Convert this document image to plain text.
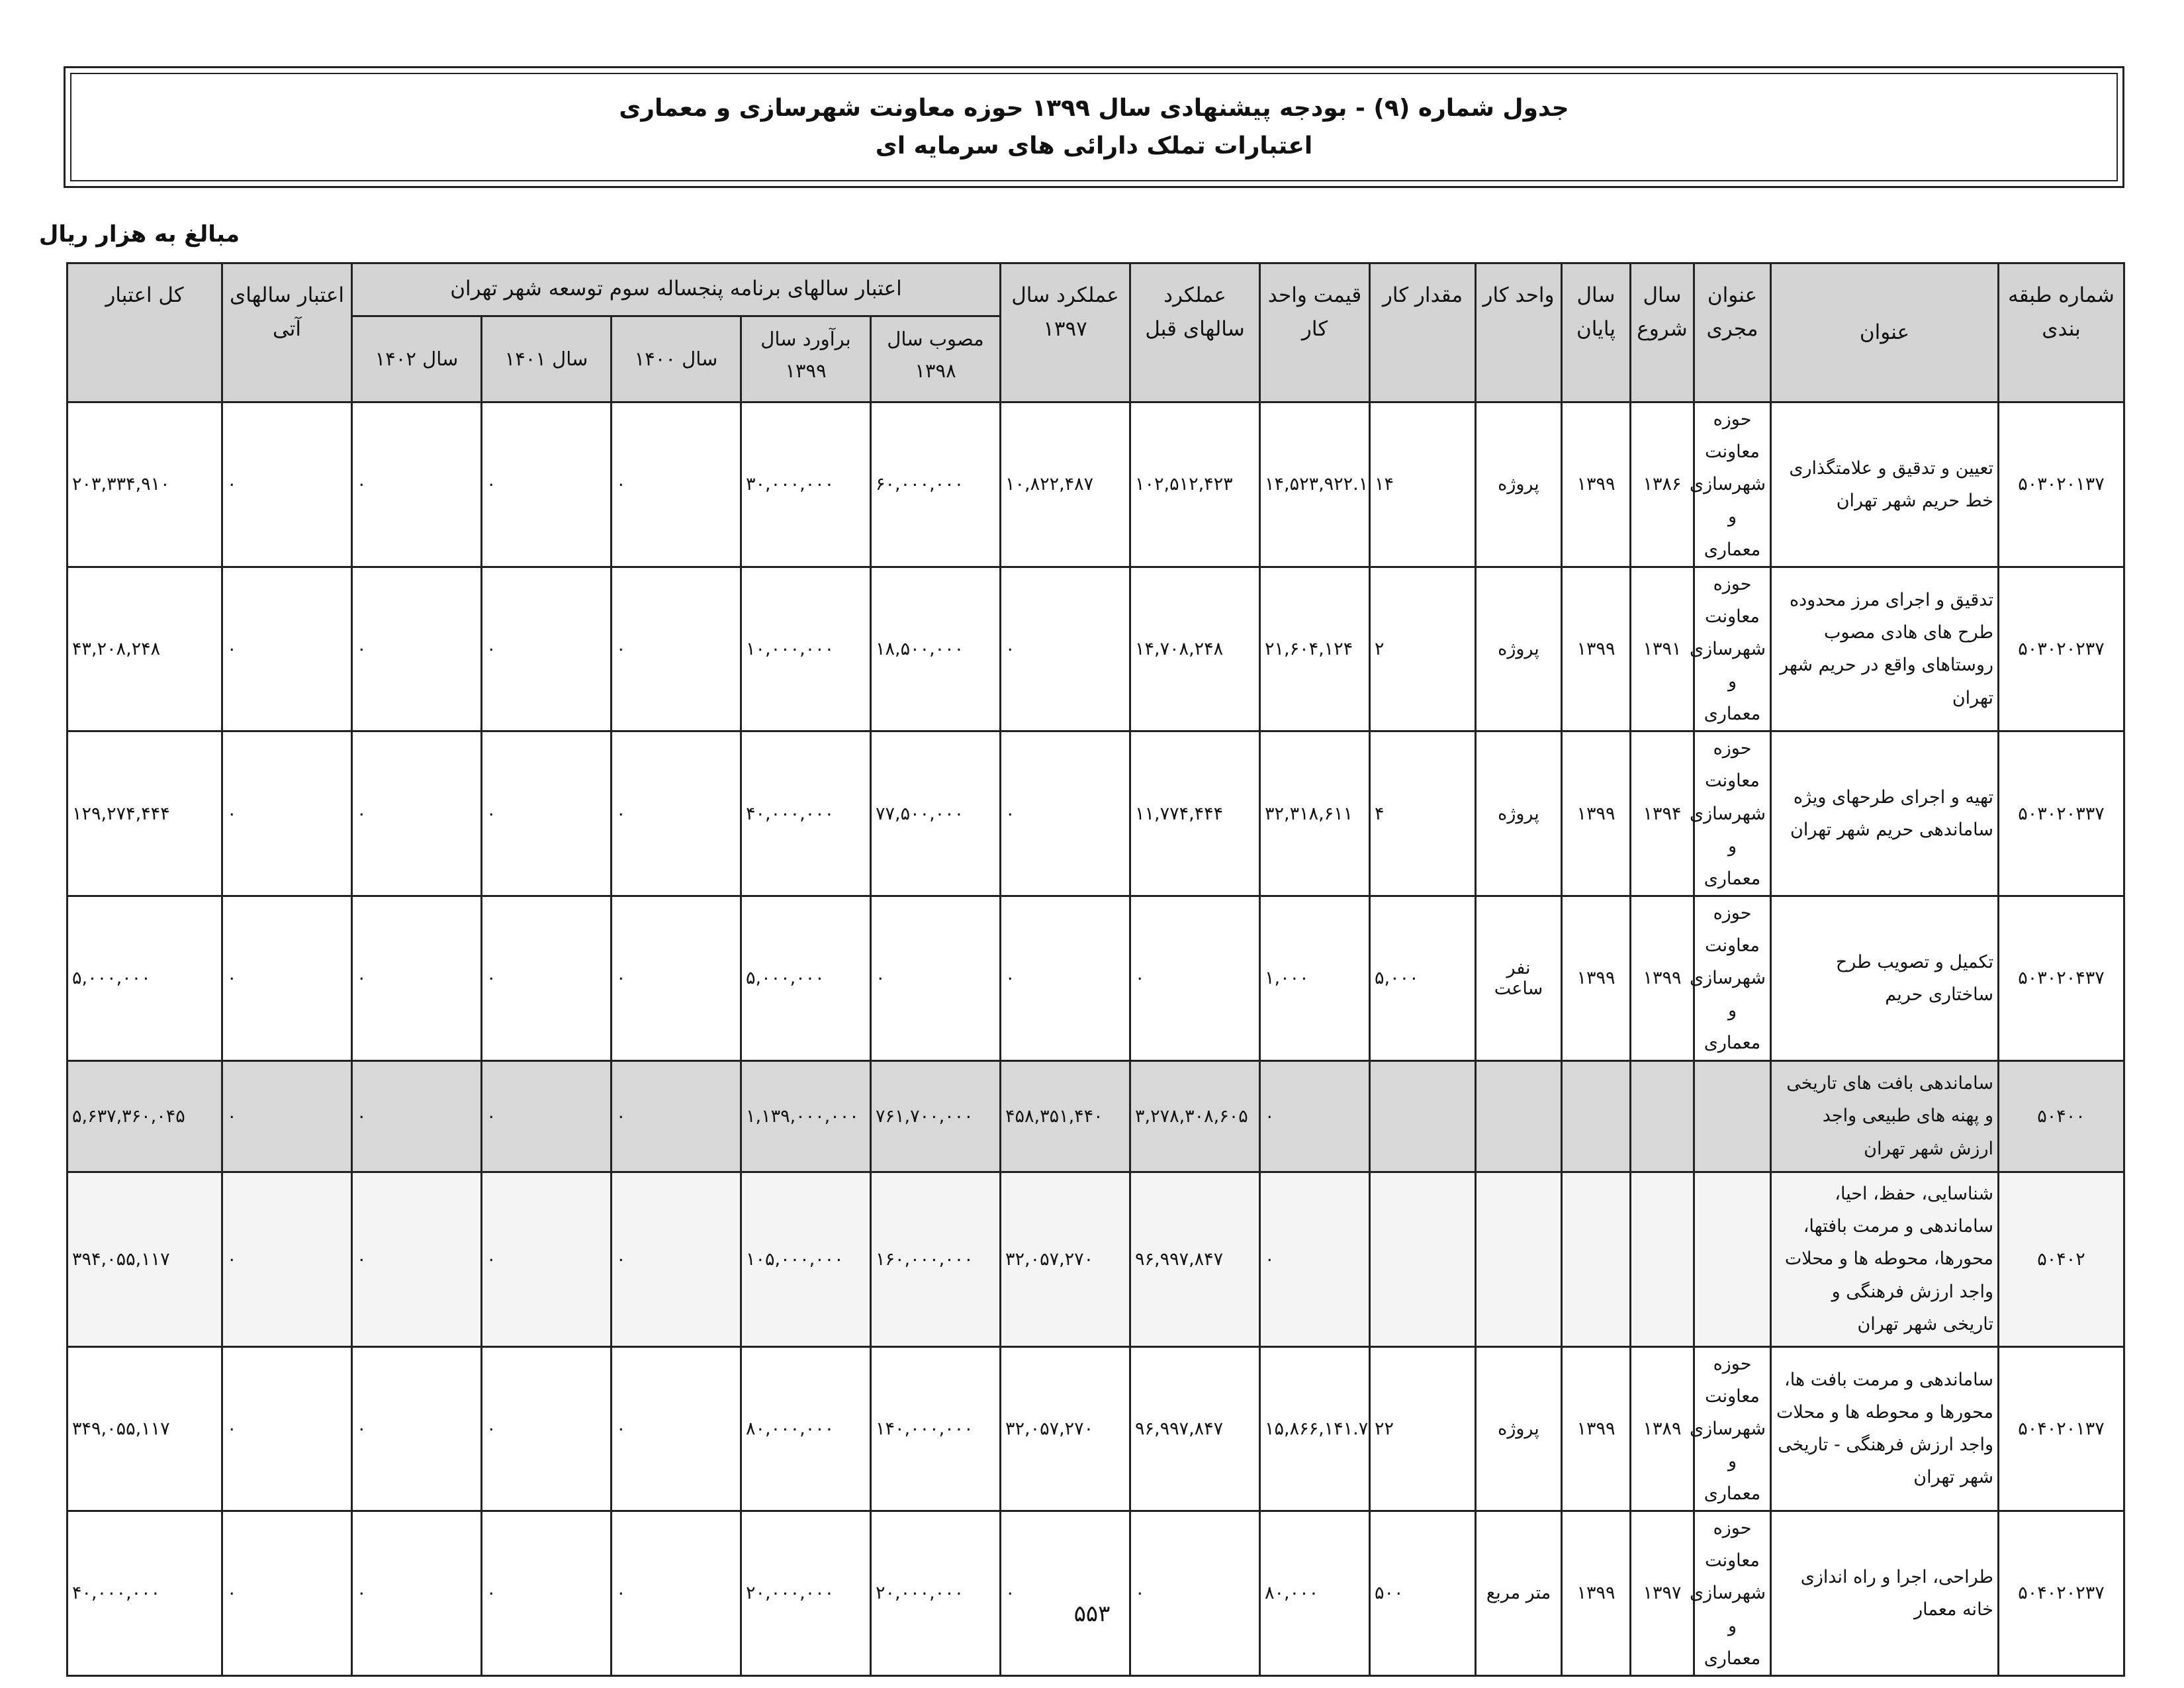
جدول شماره (۹) - بودجه پیشنهادی سال ۱۳۹۹ حوزه معاونت شهرسازی و معماری
اعتبارات تملک دارائی های سرمایه ای
مبالغ به هزار ریال
شماره طبقه بندی	عنوان	عنوان مجری	سال شروع	سال پایان	واحد کار	مقدار کار	قیمت واحد کار	عملکرد سالهای قبل	عملکرد سال ۱۳۹۷	اعتبار سالهای برنامه پنجساله سوم توسعه شهر تهران					اعتبار سالهای آتی	کل اعتبار
										مصوب سال ۱۳۹۸	برآورد سال ۱۳۹۹	سال ۱۴۰۰	سال ۱۴۰۱	سال ۱۴۰۲		
۵۰۳۰۲۰۱۳۷	تعیین و تدقیق و علامتگذاری خط حریم شهر تهران	حوزه معاونت شهرسازی و معماری	۱۳۸۶	۱۳۹۹	پروژه	۱۴	۱۴,۵۲۳,۹۲۲.۱	۱۰۲,۵۱۲,۴۲۳	۱۰,۸۲۲,۴۸۷	۶۰,۰۰۰,۰۰۰	۳۰,۰۰۰,۰۰۰	۰	۰	۰	۰	۲۰۳,۳۳۴,۹۱۰
۵۰۳۰۲۰۲۳۷	تدقیق و اجرای مرز محدوده طرح های هادی مصوب روستاهای واقع در حریم شهر تهران	حوزه معاونت شهرسازی و معماری	۱۳۹۱	۱۳۹۹	پروژه	۲	۲۱,۶۰۴,۱۲۴	۱۴,۷۰۸,۲۴۸	۰	۱۸,۵۰۰,۰۰۰	۱۰,۰۰۰,۰۰۰	۰	۰	۰	۰	۴۳,۲۰۸,۲۴۸
۵۰۳۰۲۰۳۳۷	تهیه و اجرای طرحهای ویژه ساماندهی حریم شهر تهران	حوزه معاونت شهرسازی و معماری	۱۳۹۴	۱۳۹۹	پروژه	۴	۳۲,۳۱۸,۶۱۱	۱۱,۷۷۴,۴۴۴	۰	۷۷,۵۰۰,۰۰۰	۴۰,۰۰۰,۰۰۰	۰	۰	۰	۰	۱۲۹,۲۷۴,۴۴۴
۵۰۳۰۲۰۴۳۷	تکمیل و تصویب طرح ساختاری حریم	حوزه معاونت شهرسازی و معماری	۱۳۹۹	۱۳۹۹	نفر ساعت	۵,۰۰۰	۱,۰۰۰	۰	۰	۰	۵,۰۰۰,۰۰۰	۰	۰	۰	۰	۵,۰۰۰,۰۰۰
۵۰۴۰۰	ساماندهی بافت های تاریخی و پهنه های طبیعی واجد ارزش شهر تهران						۰	۳,۲۷۸,۳۰۸,۶۰۵	۴۵۸,۳۵۱,۴۴۰	۷۶۱,۷۰۰,۰۰۰	۱,۱۳۹,۰۰۰,۰۰۰	۰	۰	۰	۰	۵,۶۳۷,۳۶۰,۰۴۵
۵۰۴۰۲	شناسایی، حفظ، احیا، ساماندهی و مرمت بافتها، محورها، محوطه ها و محلات واجد ارزش فرهنگی و تاریخی شهر تهران						۰	۹۶,۹۹۷,۸۴۷	۳۲,۰۵۷,۲۷۰	۱۶۰,۰۰۰,۰۰۰	۱۰۵,۰۰۰,۰۰۰	۰	۰	۰	۰	۳۹۴,۰۵۵,۱۱۷
۵۰۴۰۲۰۱۳۷	ساماندهی و مرمت بافت ها، محورها و محوطه ها و محلات واجد ارزش فرهنگی - تاریخی شهر تهران	حوزه معاونت شهرسازی و معماری	۱۳۸۹	۱۳۹۹	پروژه	۲۲	۱۵,۸۶۶,۱۴۱.۷	۹۶,۹۹۷,۸۴۷	۳۲,۰۵۷,۲۷۰	۱۴۰,۰۰۰,۰۰۰	۸۰,۰۰۰,۰۰۰	۰	۰	۰	۰	۳۴۹,۰۵۵,۱۱۷
۵۰۴۰۲۰۲۳۷	طراحی، اجرا و راه اندازی خانه معمار	حوزه معاونت شهرسازی و معماری	۱۳۹۷	۱۳۹۹	متر مربع	۵۰۰	۸۰,۰۰۰	۰	۰	۲۰,۰۰۰,۰۰۰	۲۰,۰۰۰,۰۰۰	۰	۰	۰	۰	۴۰,۰۰۰,۰۰۰
۵۵۳
